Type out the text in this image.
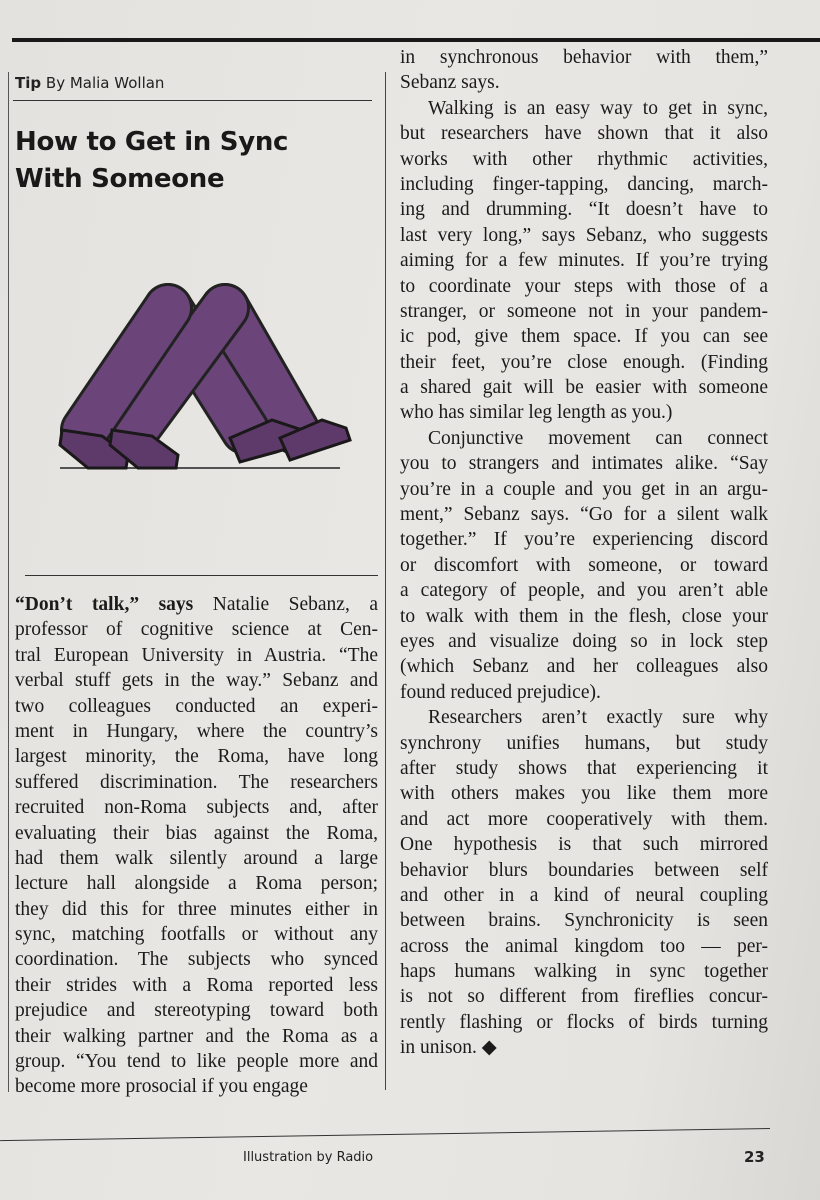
Tip By Malia Wollan
How to Get in Sync
With Someone
“Don’t talk,” says Natalie Sebanz, a
professor of cognitive science at Cen-
tral European University in Austria. “The
verbal stuff gets in the way.” Sebanz and
two colleagues conducted an experi-
ment in Hungary, where the country’s
largest minority, the Roma, have long
suffered discrimination. The researchers
recruited non-Roma subjects and, after
evaluating their bias against the Roma,
had them walk silently around a large
lecture hall alongside a Roma person;
they did this for three minutes either in
sync, matching footfalls or without any
coordination. The subjects who synced
their strides with a Roma reported less
prejudice and stereotyping toward both
their walking partner and the Roma as a
group. “You tend to like people more and
become more prosocial if you engage
in synchronous behavior with them,”
Sebanz says.
Walking is an easy way to get in sync,
but researchers have shown that it also
works with other rhythmic activities,
including finger-tapping, dancing, march-
ing and drumming. “It doesn’t have to
last very long,” says Sebanz, who suggests
aiming for a few minutes. If you’re trying
to coordinate your steps with those of a
stranger, or someone not in your pandem-
ic pod, give them space. If you can see
their feet, you’re close enough. (Finding
a shared gait will be easier with someone
who has similar leg length as you.)
Conjunctive movement can connect
you to strangers and intimates alike. “Say
you’re in a couple and you get in an argu-
ment,” Sebanz says. “Go for a silent walk
together.” If you’re experiencing discord
or discomfort with someone, or toward
a category of people, and you aren’t able
to walk with them in the flesh, close your
eyes and visualize doing so in lock step
(which Sebanz and her colleagues also
found reduced prejudice).
Researchers aren’t exactly sure why
synchrony unifies humans, but study
after study shows that experiencing it
with others makes you like them more
and act more cooperatively with them.
One hypothesis is that such mirrored
behavior blurs boundaries between self
and other in a kind of neural coupling
between brains. Synchronicity is seen
across the animal kingdom too — per-
haps humans walking in sync together
is not so different from fireflies concur-
rently flashing or flocks of birds turning
in unison. ◆
Illustration by Radio	23
